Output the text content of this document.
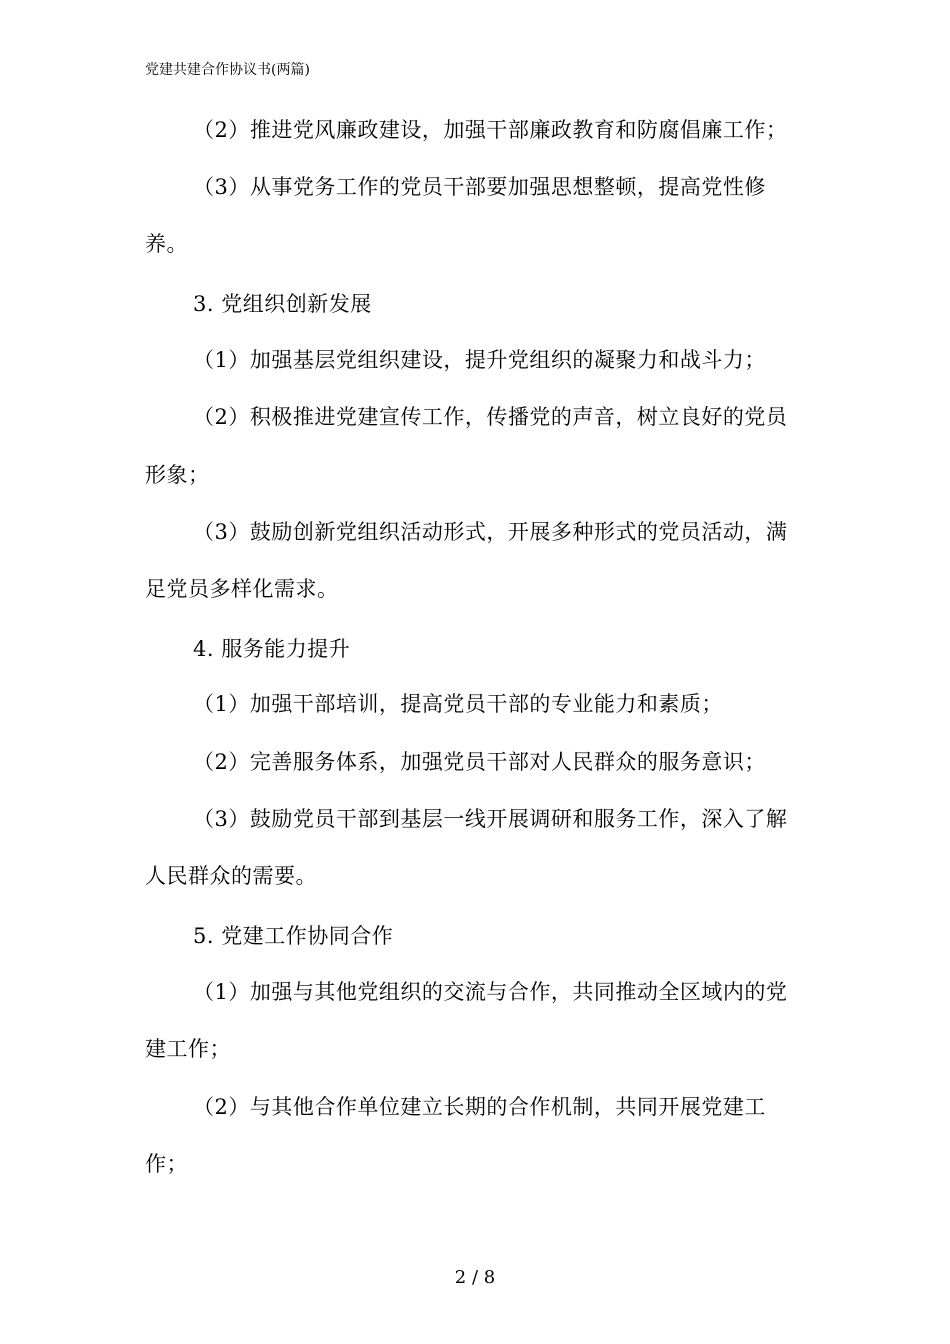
党建共建合作协议书(两篇)
（2）推进党风廉政建设，加强干部廉政教育和防腐倡廉工作；
（3）从事党务工作的党员干部要加强思想整顿，提高党性修
养。
3. 党组织创新发展
（1）加强基层党组织建设，提升党组织的凝聚力和战斗力；
（2）积极推进党建宣传工作，传播党的声音，树立良好的党员
形象；
（3）鼓励创新党组织活动形式，开展多种形式的党员活动，满
足党员多样化需求。
4. 服务能力提升
（1）加强干部培训，提高党员干部的专业能力和素质；
（2）完善服务体系，加强党员干部对人民群众的服务意识；
（3）鼓励党员干部到基层一线开展调研和服务工作，深入了解
人民群众的需要。
5. 党建工作协同合作
（1）加强与其他党组织的交流与合作，共同推动全区域内的党
建工作；
（2）与其他合作单位建立长期的合作机制，共同开展党建工
作；
2 / 8
